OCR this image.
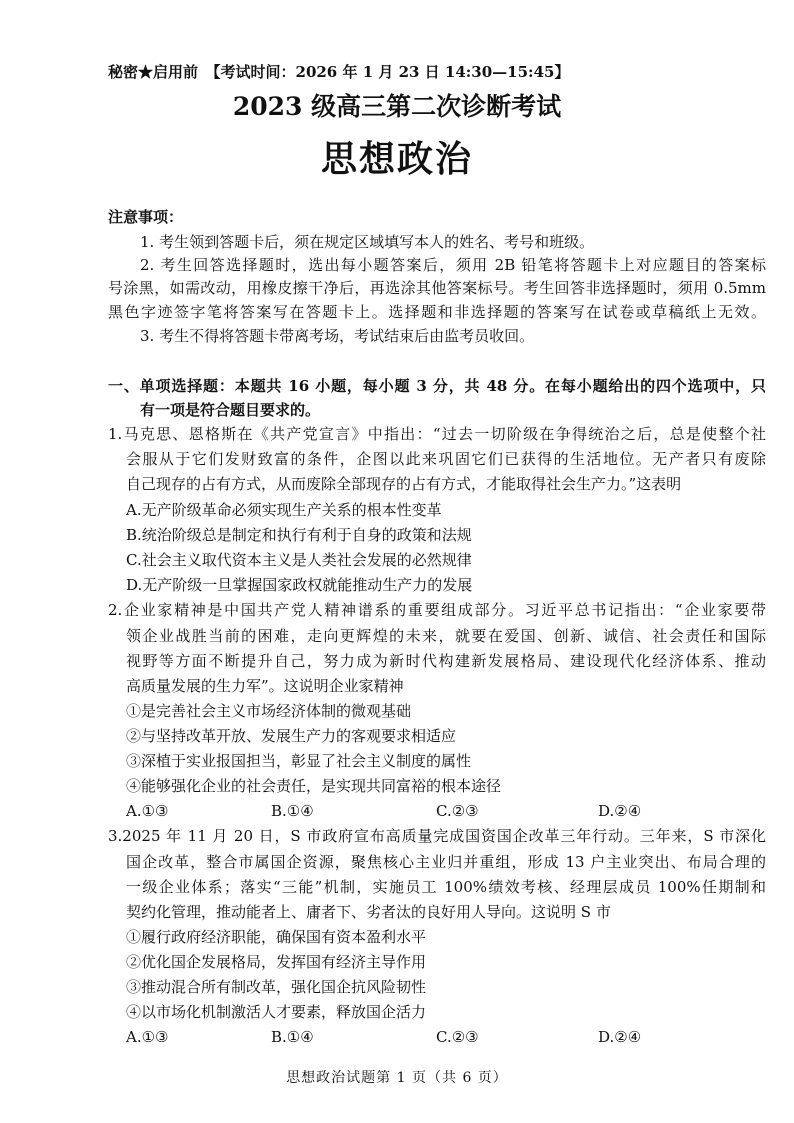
秘密★启用前　【考试时间：2026 年 1 月 23 日 14:30—15:45】
2023 级高三第二次诊断考试
思想政治
注意事项：
1. 考生领到答题卡后，须在规定区域填写本人的姓名、考号和班级。
2. 考生回答选择题时，选出每小题答案后，须用 2B 铅笔将答题卡上对应题目的答案标
号涂黑，如需改动，用橡皮擦干净后，再选涂其他答案标号。考生回答非选择题时，须用 0.5mm
黑色字迹签字笔将答案写在答题卡上。选择题和非选择题的答案写在试卷或草稿纸上无效。
3. 考生不得将答题卡带离考场，考试结束后由监考员收回。
一、单项选择题：本题共 16 小题，每小题 3 分，共 48 分。在每小题给出的四个选项中，只
有一项是符合题目要求的。
1.马克思、恩格斯在《共产党宣言》中指出：“过去一切阶级在争得统治之后，总是使整个社
会服从于它们发财致富的条件，企图以此来巩固它们已获得的生活地位。无产者只有废除
自己现存的占有方式，从而废除全部现存的占有方式，才能取得社会生产力。”这表明
A.无产阶级革命必须实现生产关系的根本性变革
B.统治阶级总是制定和执行有利于自身的政策和法规
C.社会主义取代资本主义是人类社会发展的必然规律
D.无产阶级一旦掌握国家政权就能推动生产力的发展
2.企业家精神是中国共产党人精神谱系的重要组成部分。习近平总书记指出：“企业家要带
领企业战胜当前的困难，走向更辉煌的未来，就要在爱国、创新、诚信、社会责任和国际
视野等方面不断提升自己，努力成为新时代构建新发展格局、建设现代化经济体系、推动
高质量发展的生力军”。这说明企业家精神
①是完善社会主义市场经济体制的微观基础
②与坚持改革开放、发展生产力的客观要求相适应
③深植于实业报国担当，彰显了社会主义制度的属性
④能够强化企业的社会责任，是实现共同富裕的根本途径
A.①③	B.①④	C.②③	D.②④
3.2025 年 11 月 20 日，S 市政府宣布高质量完成国资国企改革三年行动。三年来，S 市深化
国企改革，整合市属国企资源，聚焦核心主业归并重组，形成 13 户主业突出、布局合理的
一级企业体系；落实“三能”机制，实施员工 100%绩效考核、经理层成员 100%任期制和
契约化管理，推动能者上、庸者下、劣者汰的良好用人导向。这说明 S 市
①履行政府经济职能，确保国有资本盈利水平
②优化国企发展格局，发挥国有经济主导作用
③推动混合所有制改革，强化国企抗风险韧性
④以市场化机制激活人才要素，释放国企活力
A.①③	B.①④	C.②③	D.②④
思想政治试题第 1 页（共 6 页）
